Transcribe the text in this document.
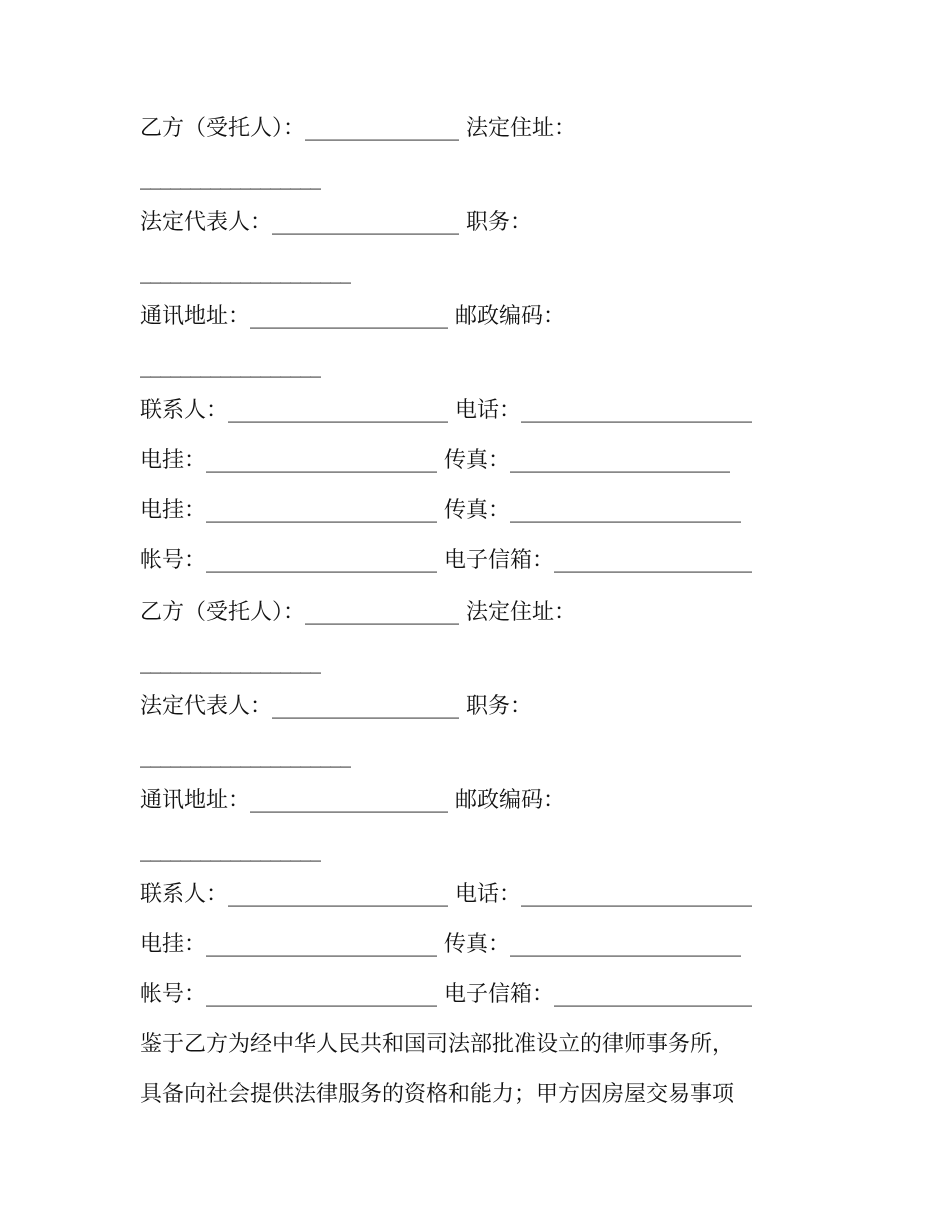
乙方（受托人）：______________ 法定住址：
__________________
法定代表人：_________________ 职务：
_____________________
通讯地址：__________________ 邮政编码：
__________________
联系人：____________________ 电话：_____________________
电挂：_____________________ 传真：____________________
电挂：_____________________ 传真：_____________________
帐号：_____________________ 电子信箱：__________________
乙方（受托人）：______________ 法定住址：
__________________
法定代表人：_________________ 职务：
_____________________
通讯地址：__________________ 邮政编码：
__________________
联系人：____________________ 电话：_____________________
电挂：_____________________ 传真：_____________________
帐号：_____________________ 电子信箱：__________________
鉴于乙方为经中华人民共和国司法部批准设立的律师事务所，
具备向社会提供法律服务的资格和能力；甲方因房屋交易事项
